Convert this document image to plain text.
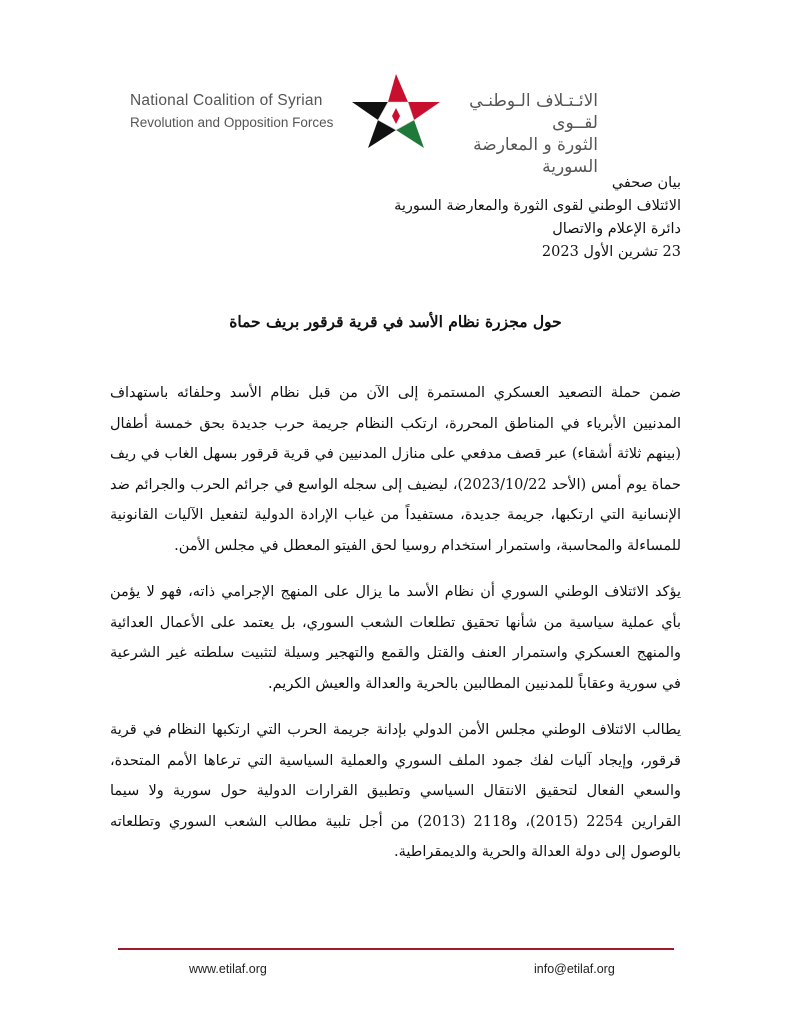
National Coalition of Syrian
Revolution and Opposition Forces
الائـتـلاف الـوطنـي لقــوى
الثورة و المعارضة السورية
بيان صحفي
الائتلاف الوطني لقوى الثورة والمعارضة السورية
دائرة الإعلام والاتصال
23 تشرين الأول 2023
حول مجزرة نظام الأسد في قرية قرقور بريف حماة

ضمن حملة التصعيد العسكري المستمرة إلى الآن من قبل نظام الأسد وحلفائه باستهداف المدنيين الأبرياء في المناطق المحررة، ارتكب النظام جريمة حرب جديدة بحق خمسة أطفال (بينهم ثلاثة أشقاء) عبر قصف مدفعي على منازل المدنيين في قرية قرقور بسهل الغاب في ريف حماة يوم أمس (الأحد 2023/10/22)، ليضيف إلى سجله الواسع في جرائم الحرب والجرائم ضد الإنسانية التي ارتكبها، جريمة جديدة، مستفيداً من غياب الإرادة الدولية لتفعيل الآليات القانونية للمساءلة والمحاسبة، واستمرار استخدام روسيا لحق الفيتو المعطل في مجلس الأمن.

يؤكد الائتلاف الوطني السوري أن نظام الأسد ما يزال على المنهج الإجرامي ذاته، فهو لا يؤمن بأي عملية سياسية من شأنها تحقيق تطلعات الشعب السوري، بل يعتمد على الأعمال العدائية والمنهج العسكري واستمرار العنف والقتل والقمع والتهجير وسيلة لتثبيت سلطته غير الشرعية في سورية وعقاباً للمدنيين المطالبين بالحرية والعدالة والعيش الكريم.

يطالب الائتلاف الوطني مجلس الأمن الدولي بإدانة جريمة الحرب التي ارتكبها النظام في قرية قرقور، وإيجاد آليات لفك جمود الملف السوري والعملية السياسية التي ترعاها الأمم المتحدة، والسعي الفعال لتحقيق الانتقال السياسي وتطبيق القرارات الدولية حول سورية ولا سيما القرارين 2254 (2015)، و2118 (2013) من أجل تلبية مطالب الشعب السوري وتطلعاته بالوصول إلى دولة العدالة والحرية والديمقراطية.

www.etilaf.org	info@etilaf.org
